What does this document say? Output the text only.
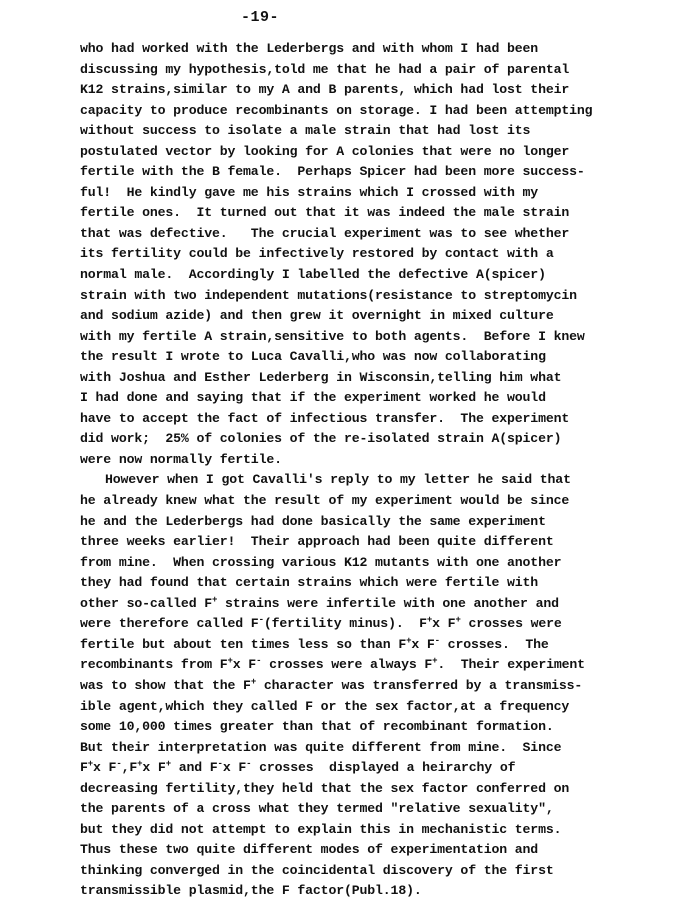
-19-
who had worked with the Lederbergs and with whom I had been
discussing my hypothesis,told me that he had a pair of parental
K12 strains,similar to my A and B parents, which had lost their
capacity to produce recombinants on storage. I had been attempting
without success to isolate a male strain that had lost its
postulated vector by looking for A colonies that were no longer
fertile with the B female.  Perhaps Spicer had been more success-
ful!  He kindly gave me his strains which I crossed with my
fertile ones.  It turned out that it was indeed the male strain
that was defective.   The crucial experiment was to see whether
its fertility could be infectively restored by contact with a
normal male.  Accordingly I labelled the defective A(spicer)
strain with two independent mutations(resistance to streptomycin
and sodium azide) and then grew it overnight in mixed culture
with my fertile A strain,sensitive to both agents.  Before I knew
the result I wrote to Luca Cavalli,who was now collaborating
with Joshua and Esther Lederberg in Wisconsin,telling him what
I had done and saying that if the experiment worked he would
have to accept the fact of infectious transfer.  The experiment
did work;  25% of colonies of the re-isolated strain A(spicer)
were now normally fertile.
However when I got Cavalli's reply to my letter he said that
he already knew what the result of my experiment would be since
he and the Lederbergs had done basically the same experiment
three weeks earlier!  Their approach had been quite different
from mine.  When crossing various K12 mutants with one another
they had found that certain strains which were fertile with
other so-called F+ strains were infertile with one another and
were therefore called F-(fertility minus).  F+x F+ crosses were
fertile but about ten times less so than F+x F- crosses.  The
recombinants from F+x F- crosses were always F+.  Their experiment
was to show that the F+ character was transferred by a transmiss-
ible agent,which they called F or the sex factor,at a frequency
some 10,000 times greater than that of recombinant formation.
But their interpretation was quite different from mine.  Since
F+x F-,F+x F+ and F-x F- crosses  displayed a heirarchy of
decreasing fertility,they held that the sex factor conferred on
the parents of a cross what they termed "relative sexuality",
but they did not attempt to explain this in mechanistic terms.
Thus these two quite different modes of experimentation and
thinking converged in the coincidental discovery of the first
transmissible plasmid,the F factor(Publ.18).
